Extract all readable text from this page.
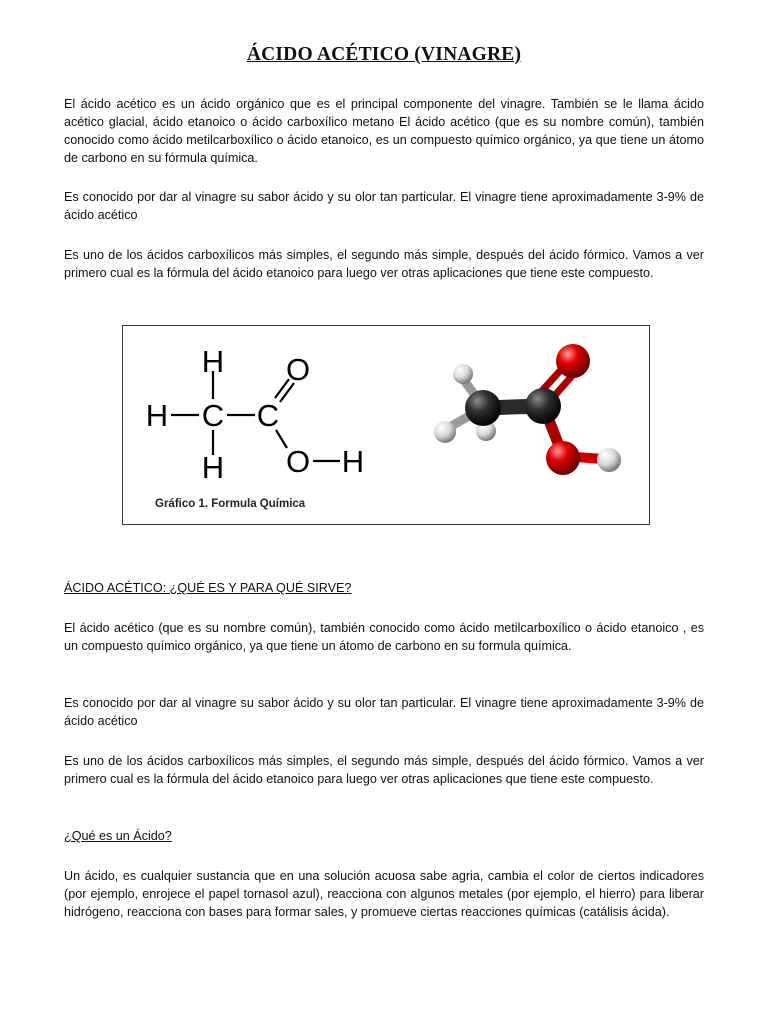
ÁCIDO ACÉTICO (VINAGRE)

El ácido acético es un ácido orgánico que es el principal componente del vinagre. También se le llama ácido acético glacial, ácido etanoico o ácido carboxílico metano El ácido acético (que es su nombre común), también conocido como ácido metilcarboxílico o ácido etanoico, es un compuesto químico orgánico, ya que tiene un átomo de carbono en su fórmula química.

Es conocido por dar al vinagre su sabor ácido y su olor tan particular. El vinagre tiene aproximadamente 3-9% de ácido acético

Es uno de los ácidos carboxílicos más simples, el segundo más simple, después del ácido fórmico. Vamos a ver primero cual es la fórmula del ácido etanoico para luego ver otras aplicaciones que tiene este compuesto.

H
H C C
O
H O H

Gráfico 1. Formula Química

ÁCIDO ACÉTICO: ¿QUÉ ES Y PARA QUÉ SIRVE?

El ácido acético (que es su nombre común), también conocido como ácido metilcarboxílico o ácido etanoico , es un compuesto químico orgánico, ya que tiene un átomo de carbono en su formula química.

Es conocido por dar al vinagre su sabor ácido y su olor tan particular. El vinagre tiene aproximadamente 3-9% de ácido acético

Es uno de los ácidos carboxílicos más simples, el segundo más simple, después del ácido fórmico. Vamos a ver primero cual es la fórmula del ácido etanoico para luego ver otras aplicaciones que tiene este compuesto.

¿Qué es un Ácido?

Un ácido, es cualquier sustancia que en una solución acuosa sabe agria, cambia el color de ciertos indicadores (por ejemplo, enrojece el papel tornasol azul), reacciona con algunos metales (por ejemplo, el hierro) para liberar hidrógeno, reacciona con bases para formar sales, y promueve ciertas reacciones químicas (catálisis ácida).
